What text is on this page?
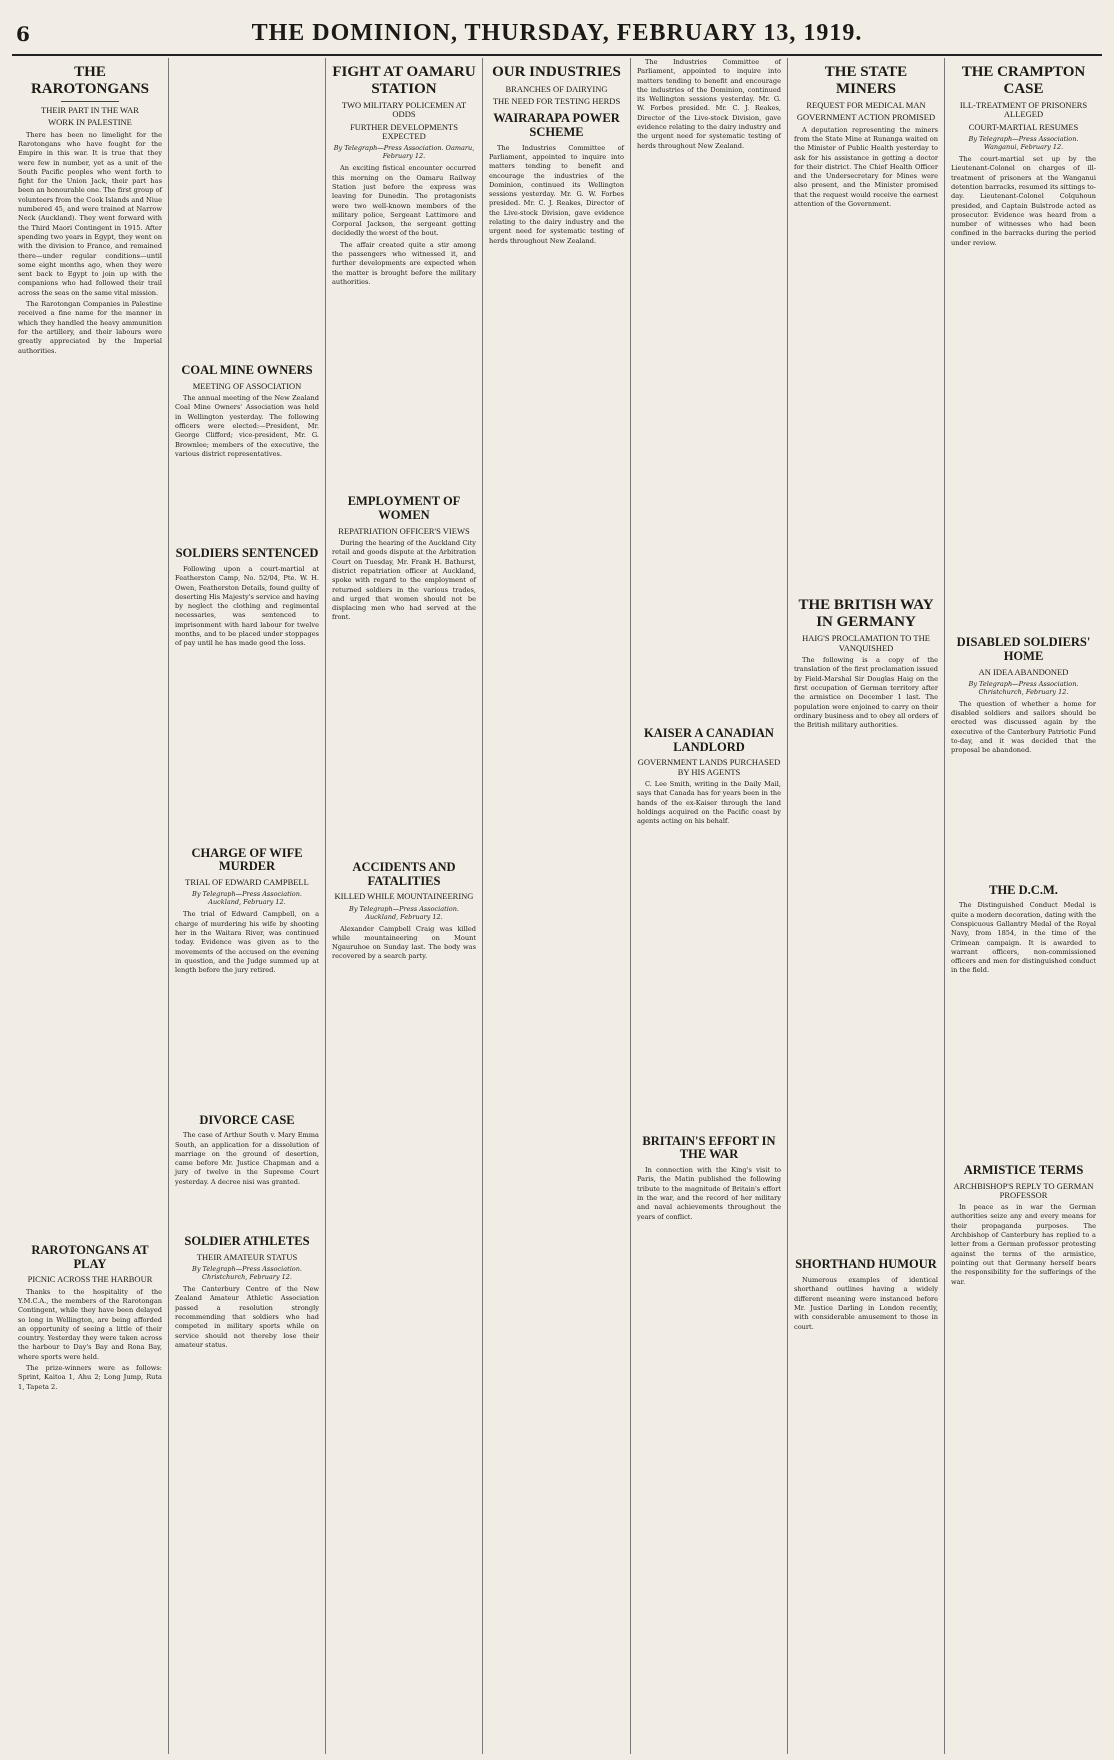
6	THE DOMINION, THURSDAY, FEBRUARY 13, 1919.
THE RAROTONGANS
THEIR PART IN THE WAR
WORK IN PALESTINE

There has been no limelight for the Rarotongans who have fought for the Empire in this war. It is true that they were few in number, yet as a unit of the South Pacific peoples who went forth to fight for the Union Jack, their part has been an honourable one. The first group of volunteers from the Cook Islands and Niue numbered 45, and were trained at Narrow Neck (Auckland). They went forward with the Third Maori Contingent in 1915. After spending two years in Egypt, they went on with the division to France, and remained there—under regular conditions—until some eight months ago, when they were sent back to Egypt to join up with the companions who had followed their trail across the seas on the same vital mission.

The Rarotongan Companies in Palestine received a fine name for the manner in which they handled the heavy ammunition for the artillery, and their labours were greatly appreciated by the Imperial authorities.

RAROTONGANS AT PLAY
PICNIC ACROSS THE HARBOUR

Thanks to the hospitality of the Y.M.C.A., the members of the Rarotongan Contingent, while they have been delayed so long in Wellington, are being afforded an opportunity of seeing a little of their country. Yesterday they were taken across the harbour to Day's Bay and Rona Bay, where sports were held.

The prize-winners were as follows: Sprint, Kaitoa 1, Ahu 2; Long Jump, Ruta 1, Tapeta 2.

COAL MINE OWNERS
MEETING OF ASSOCIATION

The annual meeting of the New Zealand Coal Mine Owners' Association was held in Wellington yesterday. The following officers were elected:—President, Mr. George Clifford; vice-president, Mr. G. Brownlee; members of the executive, the various district representatives.

SOLDIERS SENTENCED

Following upon a court-martial at Featherston Camp, No. 52/04, Pte. W. H. Owen, Featherston Details, found guilty of deserting His Majesty's service and having by neglect the clothing and regimental necessaries, was sentenced to imprisonment with hard labour for twelve months, and to be placed under stoppages of pay until he has made good the loss.

CHARGE OF WIFE MURDER
TRIAL OF EDWARD CAMPBELL
By Telegraph—Press Association. Auckland, February 12.

The trial of Edward Campbell, on a charge of murdering his wife by shooting her in the Waitara River, was continued today. Evidence was given as to the movements of the accused on the evening in question, and the Judge summed up at length before the jury retired.

DIVORCE CASE

The case of Arthur South v. Mary Emma South, an application for a dissolution of marriage on the ground of desertion, came before Mr. Justice Chapman and a jury of twelve in the Supreme Court yesterday. A decree nisi was granted.

SOLDIER ATHLETES
THEIR AMATEUR STATUS
By Telegraph—Press Association. Christchurch, February 12.

The Canterbury Centre of the New Zealand Amateur Athletic Association passed a resolution strongly recommending that soldiers who had competed in military sports while on service should not thereby lose their amateur status.

FIGHT AT OAMARU STATION
TWO MILITARY POLICEMEN AT ODDS
FURTHER DEVELOPMENTS EXPECTED
By Telegraph—Press Association. Oamaru, February 12.

An exciting fistical encounter occurred this morning on the Oamaru Railway Station just before the express was leaving for Dunedin. The protagonists were two well-known members of the military police, Sergeant Lattimore and Corporal Jackson, the sergeant getting decidedly the worst of the bout.

The affair created quite a stir among the passengers who witnessed it, and further developments are expected when the matter is brought before the military authorities.

EMPLOYMENT OF WOMEN
REPATRIATION OFFICER'S VIEWS

During the hearing of the Auckland City retail and goods dispute at the Arbitration Court on Tuesday, Mr. Frank H. Bathurst, district repatriation officer at Auckland, spoke with regard to the employment of returned soldiers in the various trades, and urged that women should not be displacing men who had served at the front.

ACCIDENTS AND FATALITIES
KILLED WHILE MOUNTAINEERING
By Telegraph—Press Association. Auckland, February 12.

Alexander Campbell Craig was killed while mountaineering on Mount Ngauruhoe on Sunday last. The body was recovered by a search party.

OUR INDUSTRIES
BRANCHES OF DAIRYING
THE NEED FOR TESTING HERDS
WAIRARAPA POWER SCHEME

The Industries Committee of Parliament, appointed to inquire into matters tending to benefit and encourage the industries of the Dominion, continued its Wellington sessions yesterday. Mr. G. W. Forbes presided. Mr. C. J. Reakes, Director of the Live-stock Division, gave evidence relating to the dairy industry and the urgent need for systematic testing of herds throughout New Zealand.

The Industries Committee of Parliament, appointed to inquire into matters tending to benefit and encourage the industries of the Dominion, continued its Wellington sessions yesterday. Mr. G. W. Forbes presided. Mr. C. J. Reakes, Director of the Live-stock Division, gave evidence relating to the dairy industry and the urgent need for systematic testing of herds throughout New Zealand.

KAISER A CANADIAN LANDLORD
GOVERNMENT LANDS PURCHASED BY HIS AGENTS

C. Lee Smith, writing in the Daily Mail, says that Canada has for years been in the hands of the ex-Kaiser through the land holdings acquired on the Pacific coast by agents acting on his behalf.

BRITAIN'S EFFORT IN THE WAR

In connection with the King's visit to Paris, the Matin published the following tribute to the magnitude of Britain's effort in the war, and the record of her military and naval achievements throughout the years of conflict.

THE STATE MINERS
REQUEST FOR MEDICAL MAN
GOVERNMENT ACTION PROMISED

A deputation representing the miners from the State Mine at Runanga waited on the Minister of Public Health yesterday to ask for his assistance in getting a doctor for their district. The Chief Health Officer and the Undersecretary for Mines were also present, and the Minister promised that the request would receive the earnest attention of the Government.

THE BRITISH WAY IN GERMANY
HAIG'S PROCLAMATION TO THE VANQUISHED

The following is a copy of the translation of the first proclamation issued by Field-Marshal Sir Douglas Haig on the first occupation of German territory after the armistice on December 1 last. The population were enjoined to carry on their ordinary business and to obey all orders of the British military authorities.

SHORTHAND HUMOUR

Numerous examples of identical shorthand outlines having a widely different meaning were instanced before Mr. Justice Darling in London recently, with considerable amusement to those in court.

THE CRAMPTON CASE
ILL-TREATMENT OF PRISONERS ALLEGED
COURT-MARTIAL RESUMES
By Telegraph—Press Association. Wanganui, February 12.

The court-martial set up by the Lieutenant-Colonel on charges of ill-treatment of prisoners at the Wanganui detention barracks, resumed its sittings to-day. Lieutenant-Colonel Colquhoun presided, and Captain Bulstrode acted as prosecutor. Evidence was heard from a number of witnesses who had been confined in the barracks during the period under review.

DISABLED SOLDIERS' HOME
AN IDEA ABANDONED
By Telegraph—Press Association. Christchurch, February 12.

The question of whether a home for disabled soldiers and sailors should be erected was discussed again by the executive of the Canterbury Patriotic Fund to-day, and it was decided that the proposal be abandoned.

THE D.C.M.

The Distinguished Conduct Medal is quite a modern decoration, dating with the Conspicuous Gallantry Medal of the Royal Navy, from 1854, in the time of the Crimean campaign. It is awarded to warrant officers, non-commissioned officers and men for distinguished conduct in the field.

ARMISTICE TERMS
ARCHBISHOP'S REPLY TO GERMAN PROFESSOR

In peace as in war the German authorities seize any and every means for their propaganda purposes. The Archbishop of Canterbury has replied to a letter from a German professor protesting against the terms of the armistice, pointing out that Germany herself bears the responsibility for the sufferings of the war.
